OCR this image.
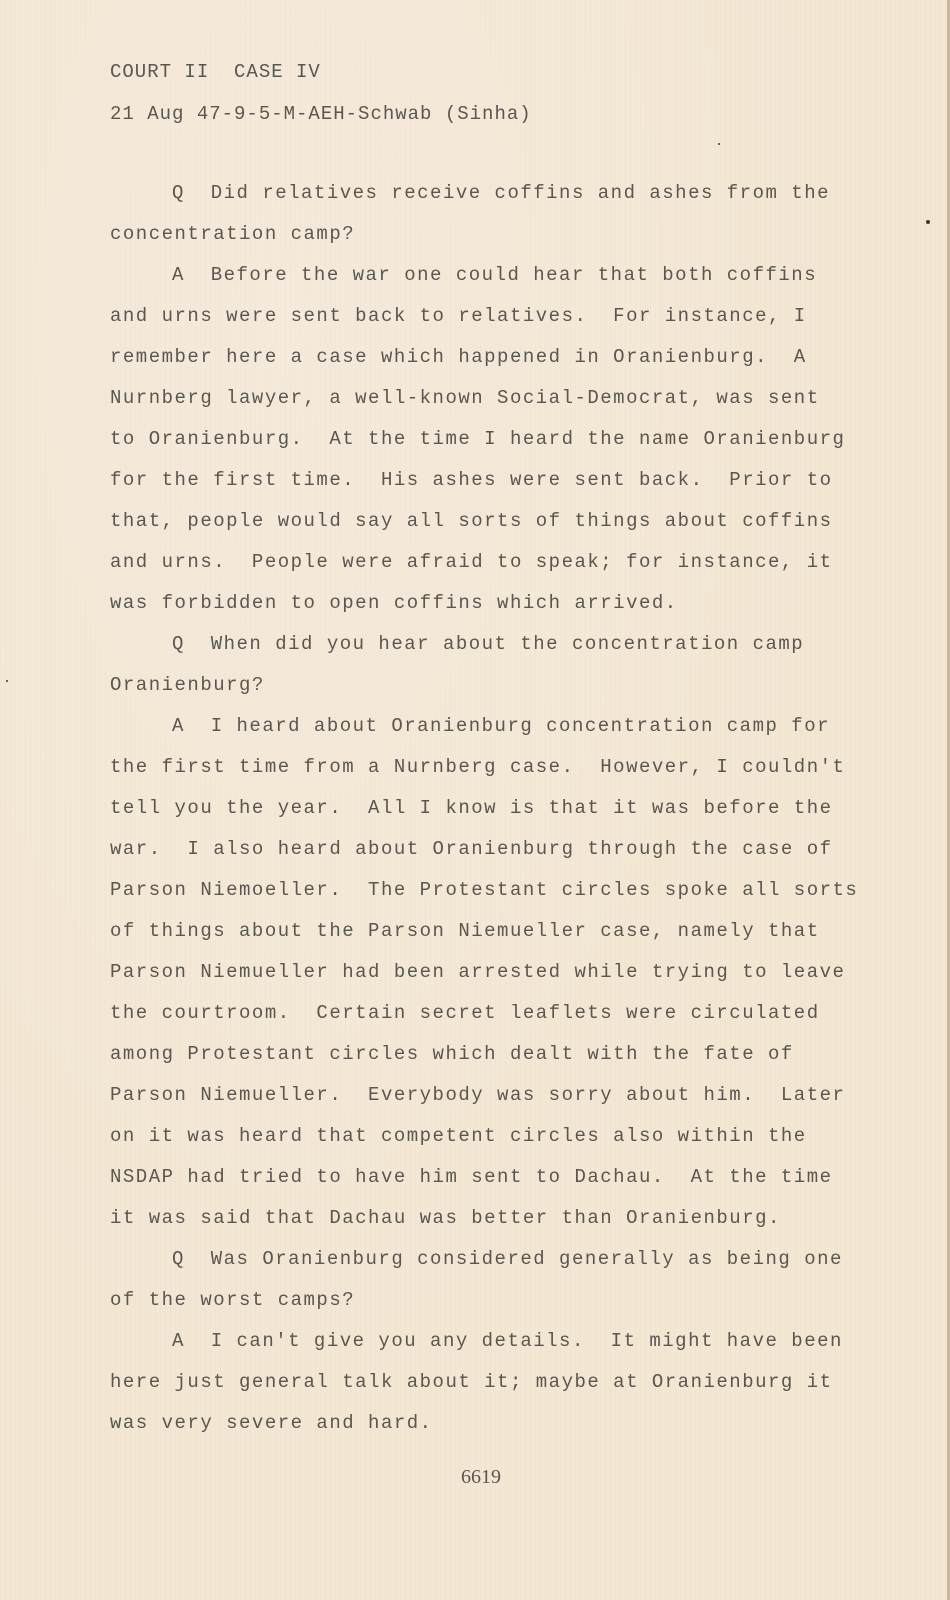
COURT II  CASE IV
21 Aug 47-9-5-M-AEH-Schwab (Sinha)
Q  Did relatives receive coffins and ashes from the
concentration camp?
A  Before the war one could hear that both coffins
and urns were sent back to relatives.  For instance, I
remember here a case which happened in Oranienburg.  A
Nurnberg lawyer, a well-known Social-Democrat, was sent
to Oranienburg.  At the time I heard the name Oranienburg
for the first time.  His ashes were sent back.  Prior to
that, people would say all sorts of things about coffins
and urns.  People were afraid to speak; for instance, it
was forbidden to open coffins which arrived.
Q  When did you hear about the concentration camp
Oranienburg?
A  I heard about Oranienburg concentration camp for
the first time from a Nurnberg case.  However, I couldn't
tell you the year.  All I know is that it was before the
war.  I also heard about Oranienburg through the case of
Parson Niemoeller.  The Protestant circles spoke all sorts
of things about the Parson Niemueller case, namely that
Parson Niemueller had been arrested while trying to leave
the courtroom.  Certain secret leaflets were circulated
among Protestant circles which dealt with the fate of
Parson Niemueller.  Everybody was sorry about him.  Later
on it was heard that competent circles also within the
NSDAP had tried to have him sent to Dachau.  At the time
it was said that Dachau was better than Oranienburg.
Q  Was Oranienburg considered generally as being one
of the worst camps?
A  I can't give you any details.  It might have been
here just general talk about it; maybe at Oranienburg it
was very severe and hard.
6619
